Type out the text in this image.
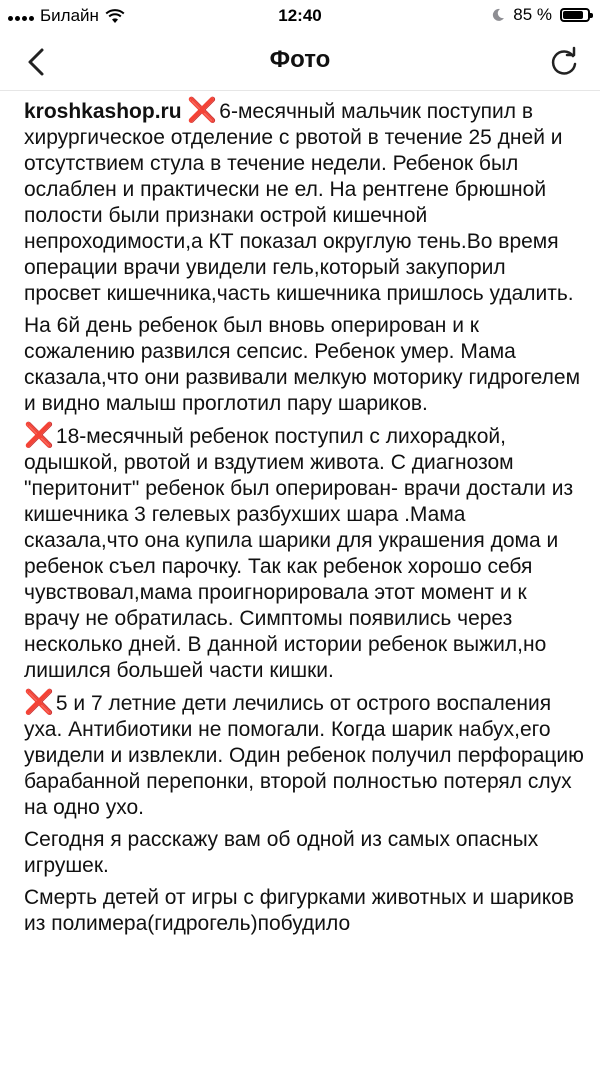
Билайн	12:40	85 %
Фото

kroshkashop.ru ❌6-месячный мальчик поступил в хирургическое отделение с рвотой в течение 25 дней и отсутствием стула в течение недели. Ребенок был ослаблен и практически не ел. На рентгене брюшной полости были признаки острой кишечной непроходимости,а КТ показал округлую тень.Во время операции врачи увидели гель,который закупорил просвет кишечника,часть кишечника пришлось удалить.

На 6й день ребенок был вновь оперирован и к сожалению развился сепсис. Ребенок умер. Мама сказала,что они развивали мелкую моторику гидрогелем и видно малыш проглотил пару шариков.

❌18-месячный ребенок поступил с лихорадкой, одышкой, рвотой и вздутием живота. С диагнозом "перитонит" ребенок был оперирован- врачи достали из кишечника 3 гелевых разбухших шара .Мама сказала,что она купила шарики для украшения дома и ребенок съел парочку. Так как ребенок хорошо себя чувствовал,мама проигнорировала этот момент и к врачу не обратилась. Симптомы появились через несколько дней. В данной истории ребенок выжил,но лишился большей части кишки.

❌5 и 7 летние дети лечились от острого воспаления уха. Антибиотики не помогали. Когда шарик набух,его увидели и извлекли. Один ребенок получил перфорацию барабанной перепонки, второй полностью потерял слух на одно ухо.

Сегодня я расскажу вам об одной из самых опасных игрушек.

Смерть детей от игры с фигурками животных и шариков из полимера(гидрогель)побудило
